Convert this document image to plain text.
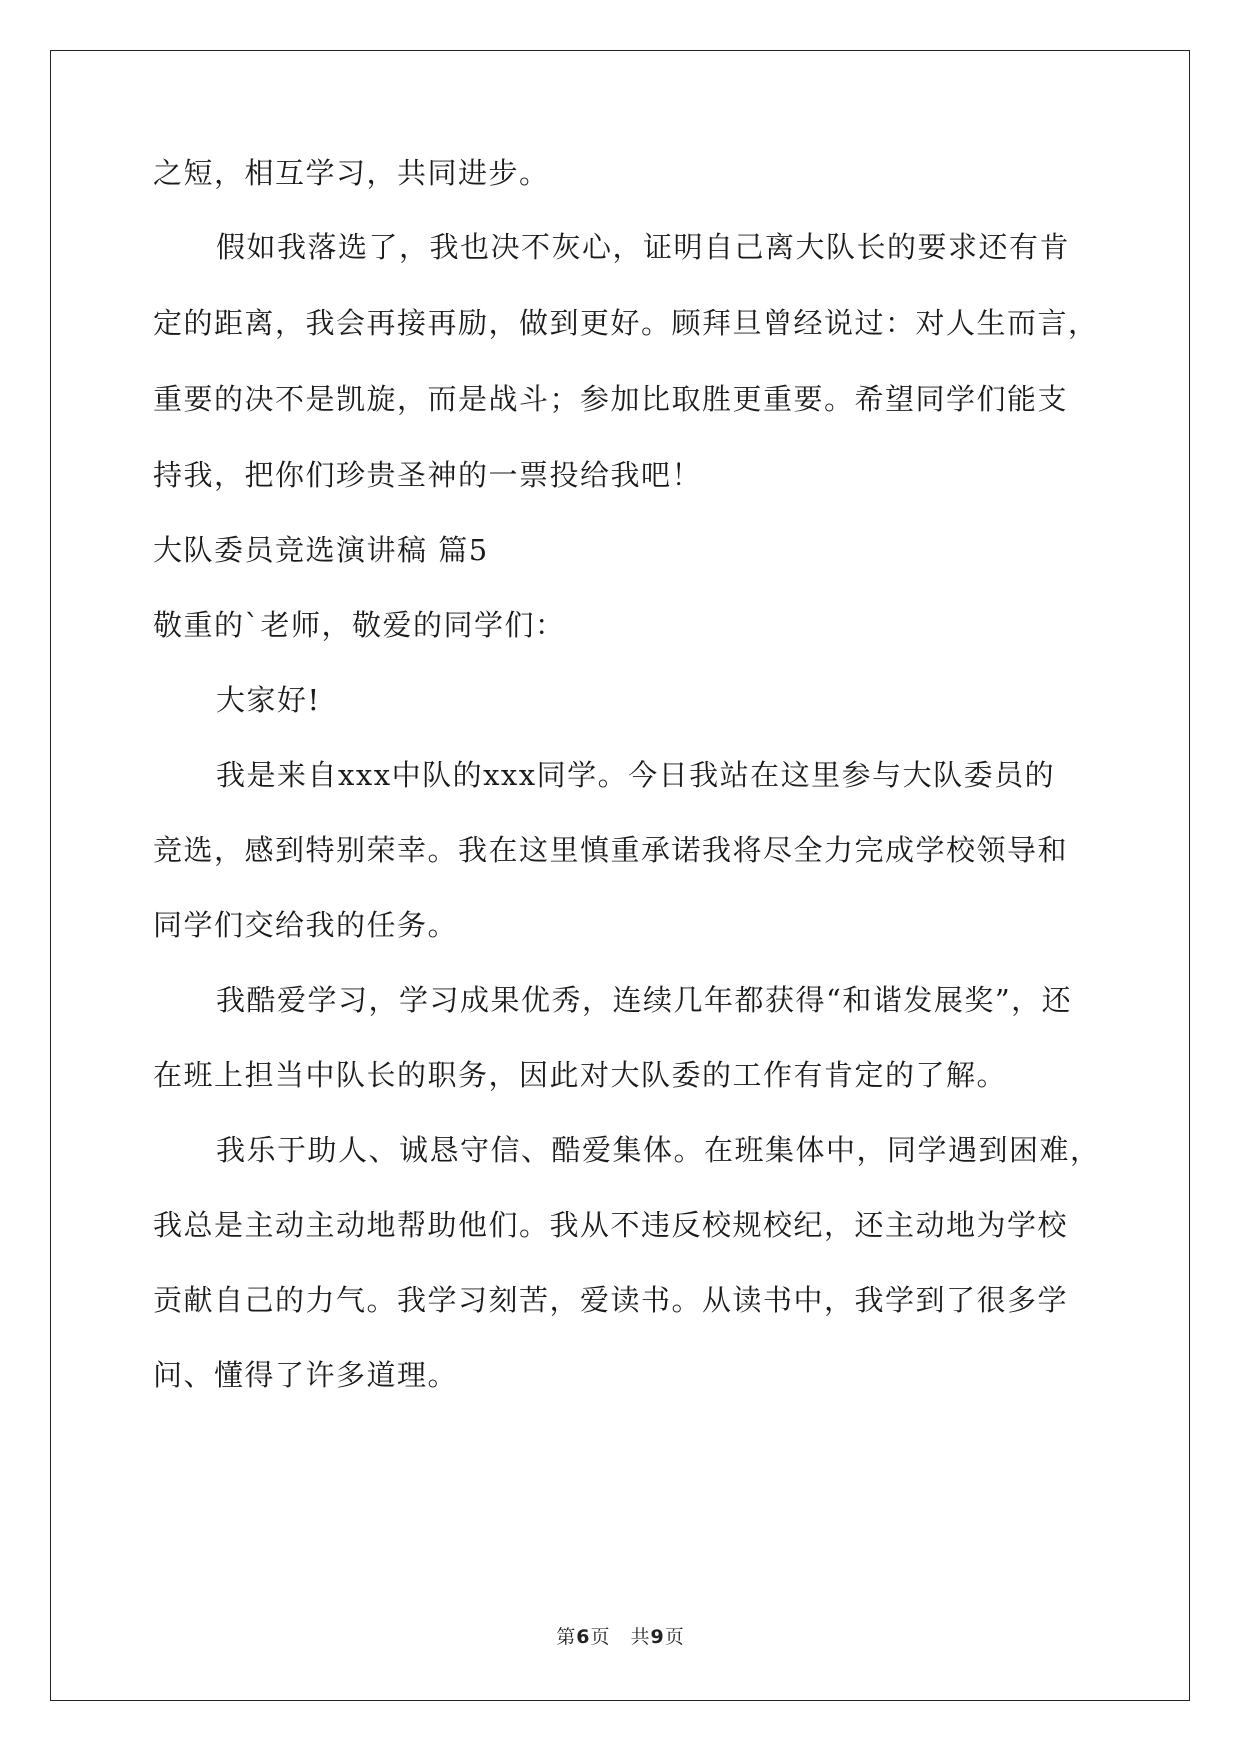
之短，相互学习，共同进步。
假如我落选了，我也决不灰心，证明自己离大队长的要求还有肯
定的距离，我会再接再励，做到更好。顾拜旦曾经说过：对人生而言，
重要的决不是凯旋，而是战斗；参加比取胜更重要。希望同学们能支
持我，把你们珍贵圣神的一票投给我吧！
大队委员竞选演讲稿 篇5
敬重的`老师，敬爱的同学们：
大家好!
我是来自xxx中队的xxx同学。今日我站在这里参与大队委员的
竞选，感到特别荣幸。我在这里慎重承诺我将尽全力完成学校领导和
同学们交给我的任务。
我酷爱学习，学习成果优秀，连续几年都获得“和谐发展奖”，还
在班上担当中队长的职务，因此对大队委的工作有肯定的了解。
我乐于助人、诚恳守信、酷爱集体。在班集体中，同学遇到困难，
我总是主动主动地帮助他们。我从不违反校规校纪，还主动地为学校
贡献自己的力气。我学习刻苦，爱读书。从读书中，我学到了很多学
问、懂得了许多道理。
第6页　共9页
